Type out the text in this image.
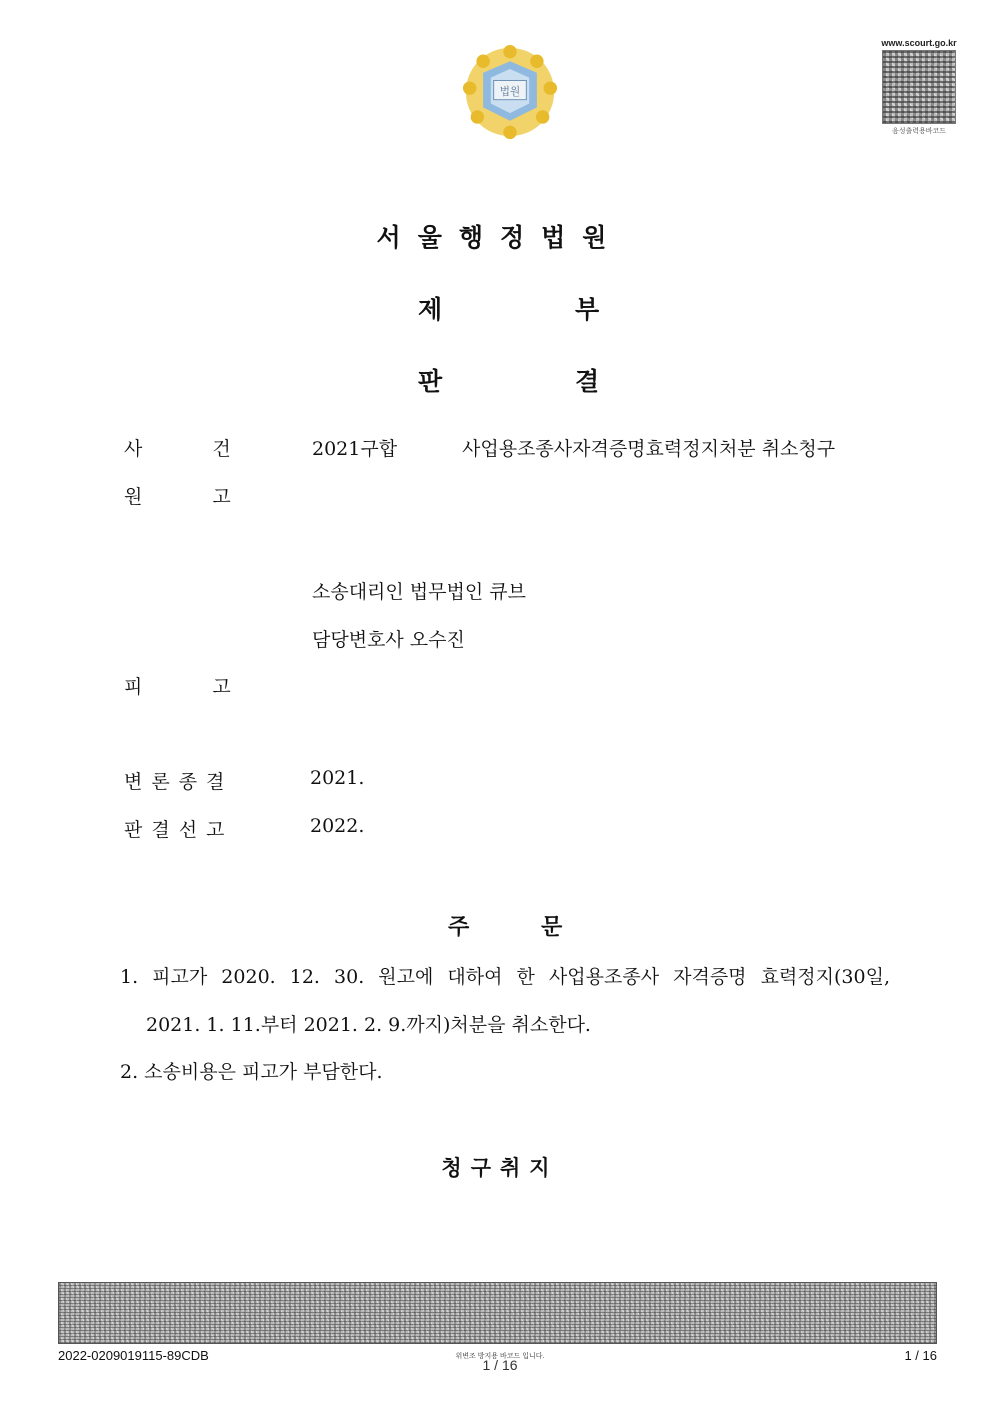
법원
www.scourt.go.kr
음성출력용바코드
서울행정법원
제	부
판	결
사 건	2021구합	사업용조종사자격증명효력정지처분 취소청구
원 고
소송대리인 법무법인 큐브
담당변호사 오수진
피 고
변론종결	2021.
판결선고	2022.
주	문
1. 피고가 2020. 12. 30. 원고에 대하여 한 사업용조종사 자격증명 효력정지(30일,
2021. 1. 11.부터 2021. 2. 9.까지)처분을 취소한다.
2. 소송비용은 피고가 부담한다.
청구취지
2022-0209019115-89CDB	위변조 방지용 바코드 입니다.
1 / 16
1 / 16
